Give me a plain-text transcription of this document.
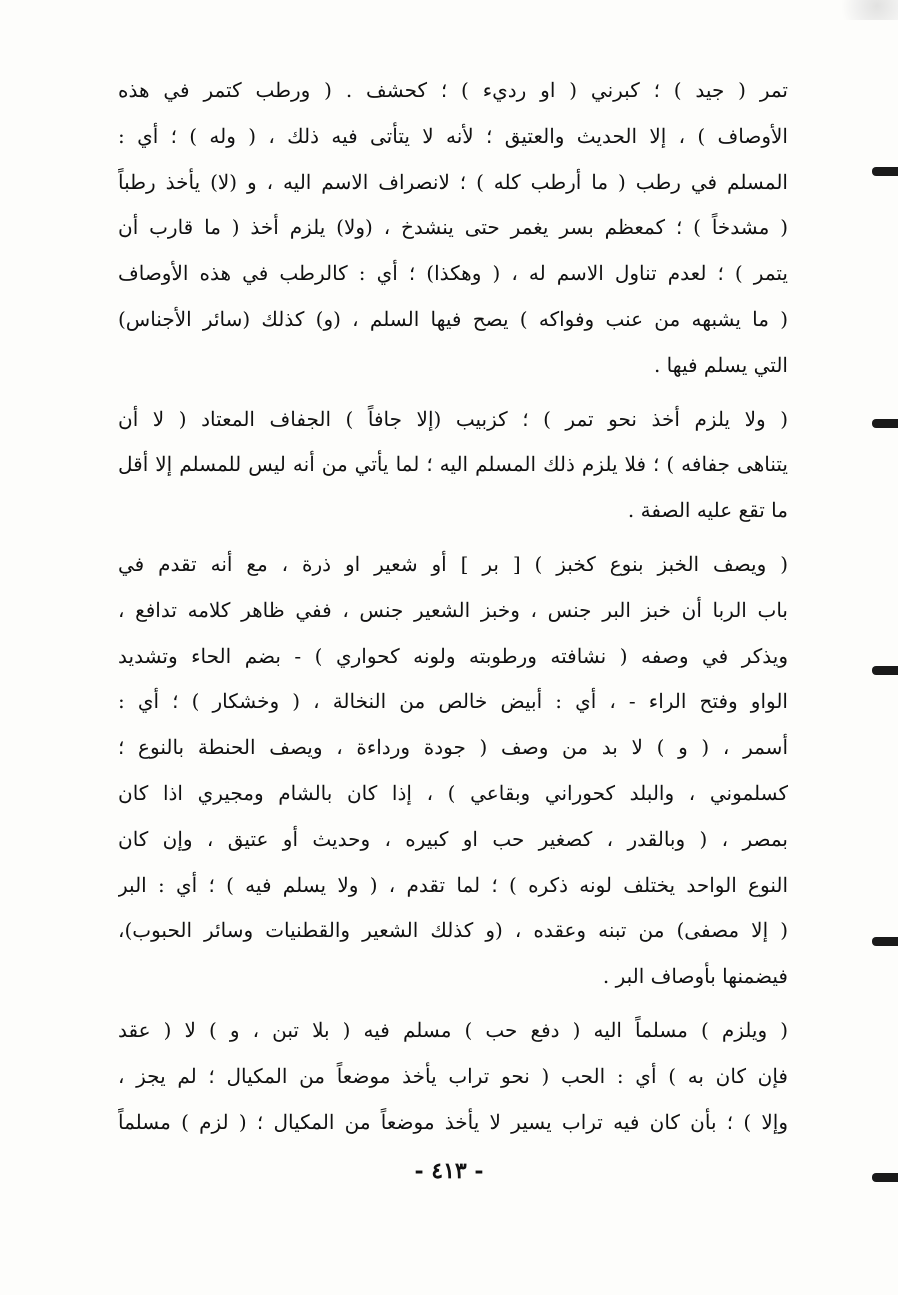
تمر ( جيد ) ؛ كبرني ( او رديء ) ؛ كحشف . ( ورطب كتمر في هذه
الأوصاف ) ، إلا الحديث والعتيق ؛ لأنه لا يتأتى فيه ذلك ، ( وله ) ؛ أي :
المسلم في رطب ( ما أرطب كله ) ؛ لانصراف الاسم اليه ، و (لا) يأخذ رطباً
( مشدخاً ) ؛ كمعظم بسر يغمر حتى ينشدخ ، (ولا) يلزم أخذ ( ما قارب أن
يتمر ) ؛ لعدم تناول الاسم له ، ( وهكذا) ؛ أي : كالرطب في هذه الأوصاف
( ما يشبهه من عنب وفواكه ) يصح فيها السلم ، (و) كذلك (سائر الأجناس)
التي يسلم فيها .
( ولا يلزم أخذ نحو تمر ) ؛ كزبيب (إلا جافاً ) الجفاف المعتاد ( لا أن
يتناهى جفافه ) ؛ فلا يلزم ذلك المسلم اليه ؛ لما يأتي من أنه ليس للمسلم إلا أقل
ما تقع عليه الصفة .
( ويصف الخبز بنوع كخبز ) [ بر ] أو شعير او ذرة ، مع أنه تقدم في
باب الربا أن خبز البر جنس ، وخبز الشعير جنس ، ففي ظاهر كلامه تدافع ،
ويذكر في وصفه ( نشافته ورطوبته ولونه كحواري ) - بضم الحاء وتشديد
الواو وفتح الراء - ، أي : أبيض خالص من النخالة ، ( وخشكار ) ؛ أي :
أسمر ، ( و ) لا بد من وصف ( جودة ورداءة ، ويصف الحنطة بالنوع ؛
كسلموني ، والبلد كحوراني وبقاعي ) ، إذا كان بالشام ومجيري اذا كان
بمصر ، ( وبالقدر ، كصغير حب او كبيره ، وحديث أو عتيق ، وإن كان
النوع الواحد يختلف لونه ذكره ) ؛ لما تقدم ، ( ولا يسلم فيه ) ؛ أي : البر
( إلا مصفى) من تبنه وعقده ، (و كذلك الشعير والقطنيات وسائر الحبوب)،
فيضمنها بأوصاف البر .
( ويلزم ) مسلماً اليه ( دفع حب ) مسلم فيه ( بلا تبن ، و ) لا ( عقد
فإن كان به ) أي : الحب ( نحو تراب يأخذ موضعاً من المكيال ؛ لم يجز ،
وإلا ) ؛ بأن كان فيه تراب يسير لا يأخذ موضعاً من المكيال ؛ ( لزم ) مسلماً
- ٤١٣ -
